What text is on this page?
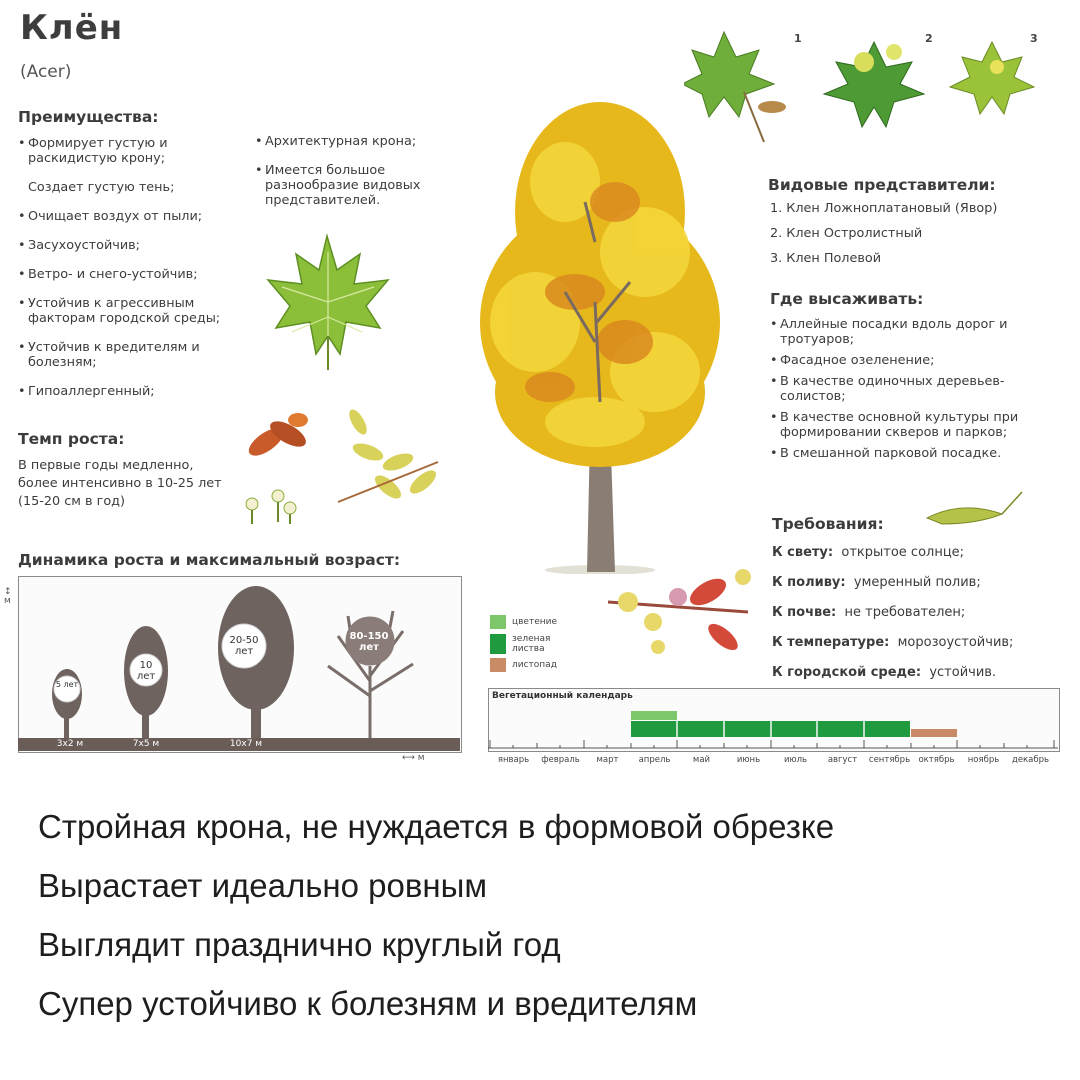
Клён
(Acer)
Преимущества:
• Формирует густую и раскидистую крону;
Создает густую тень;
• Очищает воздух от пыли;
• Засухоустойчив;
• Ветро- и снего-устойчив;
• Устойчив к агрессивным факторам городской среды;
• Устойчив к вредителям и болезням;
• Гипоаллергенный;
• Архитектурная крона;
• Имеется большое разнообразие видовых представителей.
Темп роста:
В первые годы медленно, более интенсивно в 10-25 лет (15-20 см в год)
Динамика роста и максимальный возраст:
↕
м
5 лет
10 лет
20-50 лет
80-150 лет
3x2 м	7x5 м	10x7 м
⟷ м
1	2	3
Видовые представители:
1. Клен Ложноплатановый (Явор)
2. Клен Остролистный
3. Клен Полевой
Где высаживать:
• Аллейные посадки вдоль дорог и тротуаров;
• Фасадное озеленение;
• В качестве одиночных деревьев-солистов;
• В качестве основной культуры при формировании скверов и парков;
• В смешанной парковой посадке.
Требования:
К свету: открытое солнце;
К поливу: умеренный полив;
К почве: не требователен;
К температуре: морозоустойчив;
К городской среде: устойчив.
цветение
зеленая листва
листопад
Вегетационный календарь
январь	февраль	март	апрель	май	июнь	июль	август	сентябрь октябрь	ноябрь	декабрь
Стройная крона, не нуждается в формовой обрезке
Вырастает идеально ровным
Выглядит празднично круглый год
Супер устойчиво к болезням и вредителям
